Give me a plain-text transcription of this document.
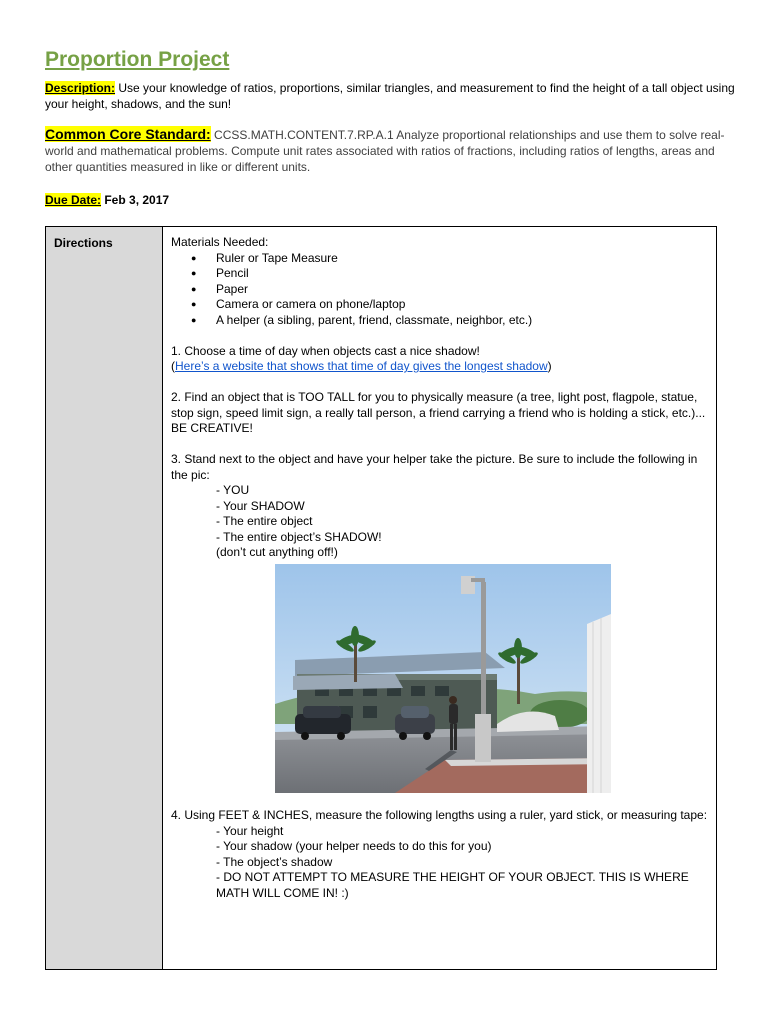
Proportion Project
Description: Use your knowledge of ratios, proportions, similar triangles, and measurement to find the height of a tall object using your height, shadows, and the sun!
Common Core Standard: CCSS.MATH.CONTENT.7.RP.A.1 Analyze proportional relationships and use them to solve real-world and mathematical problems. Compute unit rates associated with ratios of fractions, including ratios of lengths, areas and other quantities measured in like or different units.
Due Date: Feb 3, 2017
Directions	Materials Needed:

● Ruler or Tape Measure
● Pencil
● Paper
● Camera or camera on phone/laptop
● A helper (a sibling, parent, friend, classmate, neighbor, etc.)

1. Choose a time of day when objects cast a nice shadow!

(Here’s a website that shows that time of day gives the longest shadow)

2. Find an object that is TOO TALL for you to physically measure (a tree, light post, flagpole, statue, stop sign, speed limit sign, a really tall person, a friend carrying a friend who is holding a stick, etc.)... BE CREATIVE!

3. Stand next to the object and have your helper take the picture. Be sure to include the following in the pic:

- YOU

- Your SHADOW

- The entire object

- The entire object’s SHADOW!

(don’t cut anything off!)

4. Using FEET & INCHES, measure the following lengths using a ruler, yard stick, or measuring tape:

- Your height

- Your shadow (your helper needs to do this for you)

- The object’s shadow

- DO NOT ATTEMPT TO MEASURE THE HEIGHT OF YOUR OBJECT. THIS IS WHERE MATH WILL COME IN! :)
